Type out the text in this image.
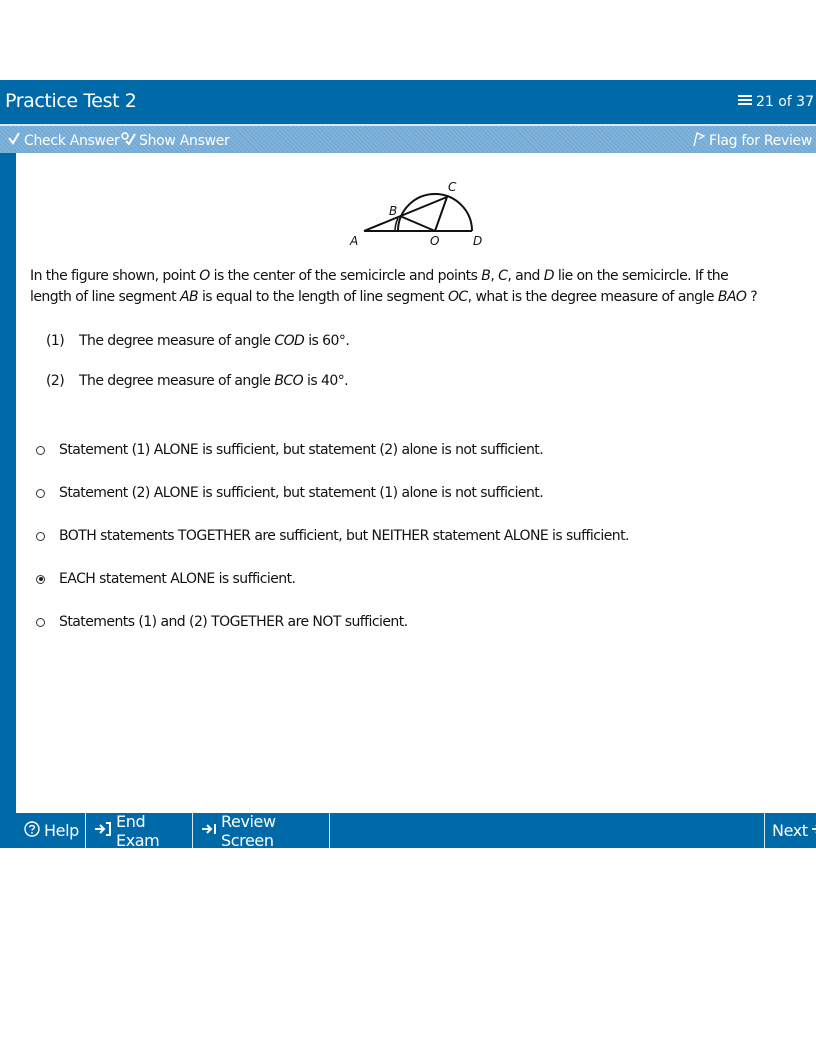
Practice Test 2	21 of 37
Check Answer Show Answer	Flag for Review
A
B
C
O	D
In the figure shown, point O is the center of the semicircle and points B, C, and D lie on the semicircle. If the length of line segment AB is equal to the length of line segment OC, what is the degree measure of angle BAO ?
(1) The degree measure of angle COD is 60°.
(2) The degree measure of angle BCO is 40°.
Statement (1) ALONE is sufficient, but statement (2) alone is not sufficient.
Statement (2) ALONE is sufficient, but statement (1) alone is not sufficient.
BOTH statements TOGETHER are sufficient, but NEITHER statement ALONE is sufficient.
EACH statement ALONE is sufficient.
Statements (1) and (2) TOGETHER are NOT sufficient.
Help End Exam
Review Screen	Next
